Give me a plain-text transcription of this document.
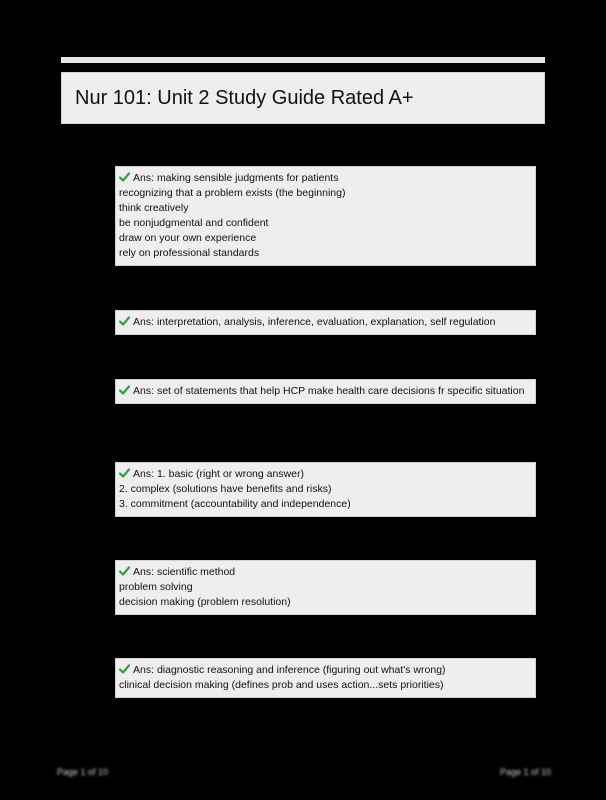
Nur 101: Unit 2 Study Guide Rated A+
Ans: making sensible judgments for patients
recognizing that a problem exists (the beginning)
think creatively
be nonjudgmental and confident
draw on your own experience
rely on professional standards
Ans: interpretation, analysis, inference, evaluation, explanation, self regulation
Ans: set of statements that help HCP make health care decisions fr specific situation
Ans: 1. basic (right or wrong answer)
2. complex (solutions have benefits and risks)
3. commitment (accountability and independence)
Ans: scientific method
problem solving
decision making (problem resolution)
Ans: diagnostic reasoning and inference (figuring out what's wrong)
clinical decision making (defines prob and uses action...sets priorities)
Page 1 of 10	Page 1 of 10
